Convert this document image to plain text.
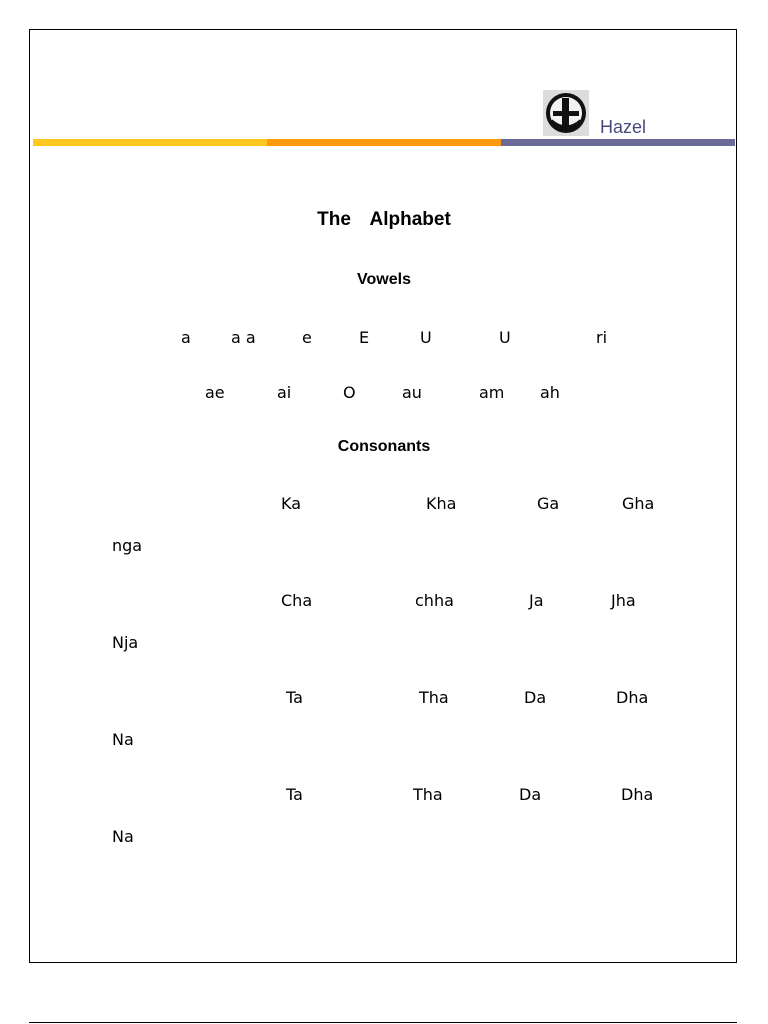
Hazel
The Alphabet
Vowels
a	a a	e	E	U	U	ri
ae	ai	O	au	am ah
Consonants
Ka	Kha	Ga	Gha
nga
Cha	chha	Ja	Jha
Nja
Ta	Tha	Da	Dha
Na
Ta	Tha	Da	Dha
Na
